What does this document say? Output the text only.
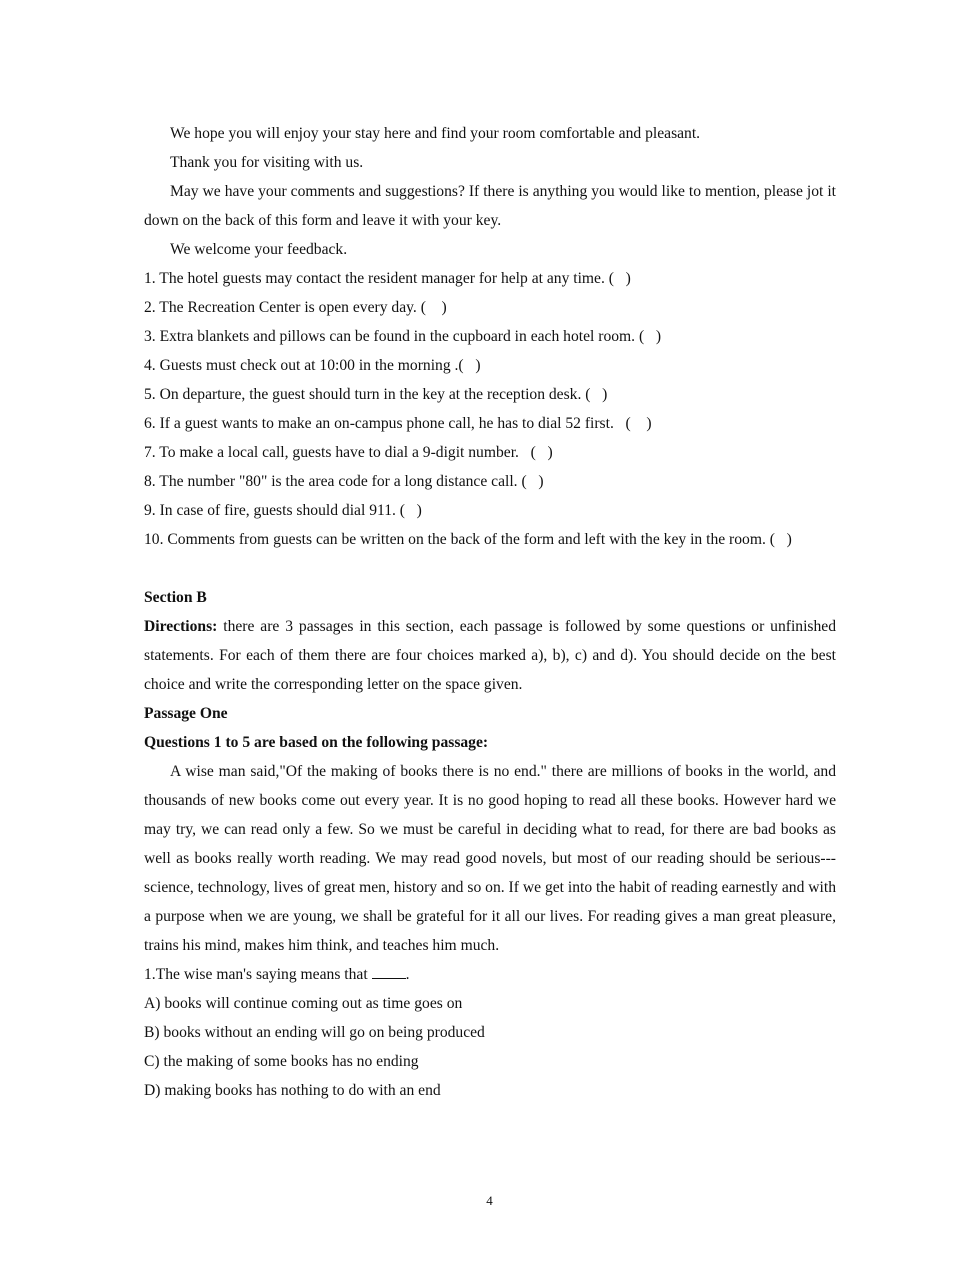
We hope you will enjoy your stay here and find your room comfortable and pleasant.

Thank you for visiting with us.

May we have your comments and suggestions? If there is anything you would like to mention, please jot it down on the back of this form and leave it with your key.

We welcome your feedback.

1. The hotel guests may contact the resident manager for help at any time. (   )

2. The Recreation Center is open every day. (    )

3. Extra blankets and pillows can be found in the cupboard in each hotel room. (   )

4. Guests must check out at 10:00 in the morning .(   )

5. On departure, the guest should turn in the key at the reception desk. (   )

6. If a guest wants to make an on-campus phone call, he has to dial 52 first.   (    )

7. To make a local call, guests have to dial a 9-digit number.   (   )

8. The number "80" is the area code for a long distance call. (   )

9. In case of fire, guests should dial 911. (   )

10. Comments from guests can be written on the back of the form and left with the key in the room. (   )

Section B

Directions: there are 3 passages in this section, each passage is followed by some questions or unfinished statements. For each of them there are four choices marked a), b), c) and d). You should decide on the best choice and write the corresponding letter on the space given.

Passage One

Questions 1 to 5 are based on the following passage:

A wise man said,"Of the making of books there is no end." there are millions of books in the world, and thousands of new books come out every year. It is no good hoping to read all these books. However hard we may try, we can read only a few. So we must be careful in deciding what to read, for there are bad books as well as books really worth reading. We may read good novels, but most of our reading should be serious---science, technology, lives of great men, history and so on. If we get into the habit of reading earnestly and with a purpose when we are young, we shall be grateful for it all our lives. For reading gives a man great pleasure, trains his mind, makes him think, and teaches him much.

1.The wise man's saying means that .

A) books will continue coming out as time goes on

B) books without an ending will go on being produced

C) the making of some books has no ending

D) making books has nothing to do with an end

4
